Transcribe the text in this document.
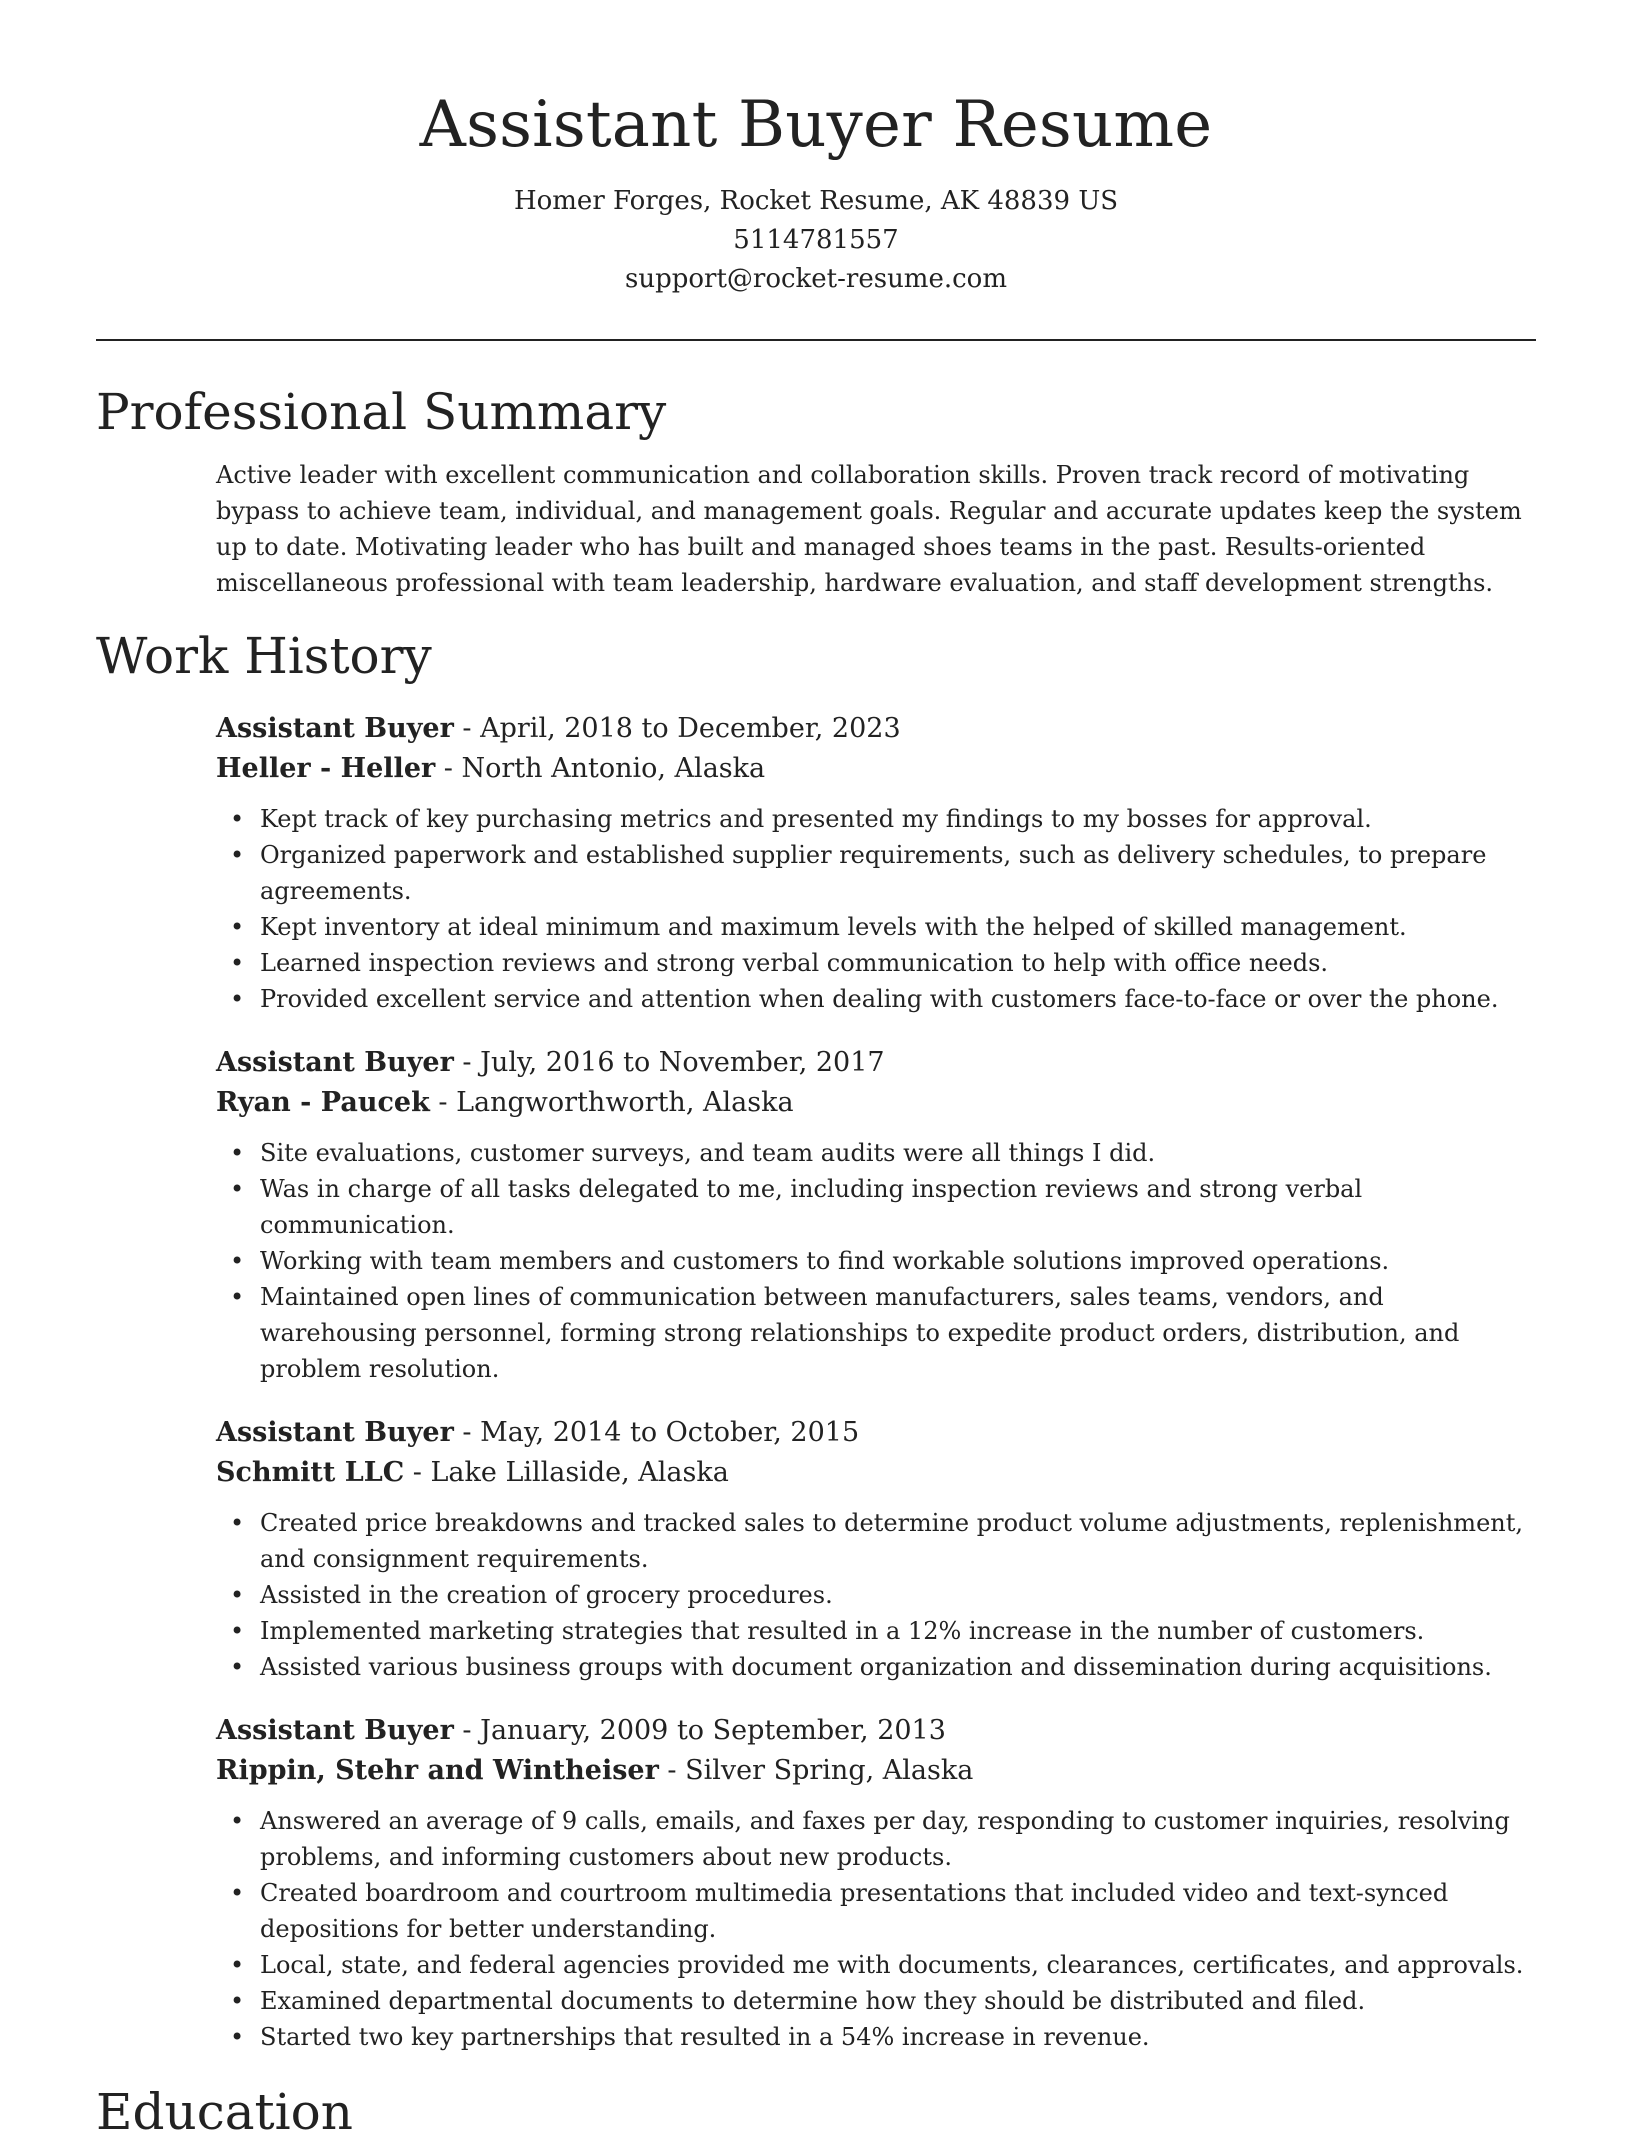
Assistant Buyer Resume
Homer Forges, Rocket Resume, AK 48839 US
5114781557
support@rocket-resume.com
Professional Summary

Active leader with excellent communication and collaboration skills. Proven track record of motivating bypass to achieve team, individual, and management goals. Regular and accurate updates keep the system up to date. Motivating leader who has built and managed shoes teams in the past. Results-oriented miscellaneous professional with team leadership, hardware evaluation, and staff development strengths.

Work History
Assistant Buyer - April, 2018 to December, 2023
Heller - Heller - North Antonio, Alaska
• Kept track of key purchasing metrics and presented my findings to my bosses for approval.
• Organized paperwork and established supplier requirements, such as delivery schedules, to prepare agreements.
• Kept inventory at ideal minimum and maximum levels with the helped of skilled management.
• Learned inspection reviews and strong verbal communication to help with office needs.
• Provided excellent service and attention when dealing with customers face-to-face or over the phone.
Assistant Buyer - July, 2016 to November, 2017
Ryan - Paucek - Langworthworth, Alaska
• Site evaluations, customer surveys, and team audits were all things I did.
• Was in charge of all tasks delegated to me, including inspection reviews and strong verbal communication.
• Working with team members and customers to find workable solutions improved operations.
• Maintained open lines of communication between manufacturers, sales teams, vendors, and warehousing personnel, forming strong relationships to expedite product orders, distribution, and problem resolution.
Assistant Buyer - May, 2014 to October, 2015
Schmitt LLC - Lake Lillaside, Alaska
• Created price breakdowns and tracked sales to determine product volume adjustments, replenishment, and consignment requirements.
• Assisted in the creation of grocery procedures.
• Implemented marketing strategies that resulted in a 12% increase in the number of customers.
• Assisted various business groups with document organization and dissemination during acquisitions.
Assistant Buyer - January, 2009 to September, 2013
Rippin, Stehr and Wintheiser - Silver Spring, Alaska
• Answered an average of 9 calls, emails, and faxes per day, responding to customer inquiries, resolving problems, and informing customers about new products.
• Created boardroom and courtroom multimedia presentations that included video and text-synced depositions for better understanding.
• Local, state, and federal agencies provided me with documents, clearances, certificates, and approvals.
• Examined departmental documents to determine how they should be distributed and filed.
• Started two key partnerships that resulted in a 54% increase in revenue.
Education
